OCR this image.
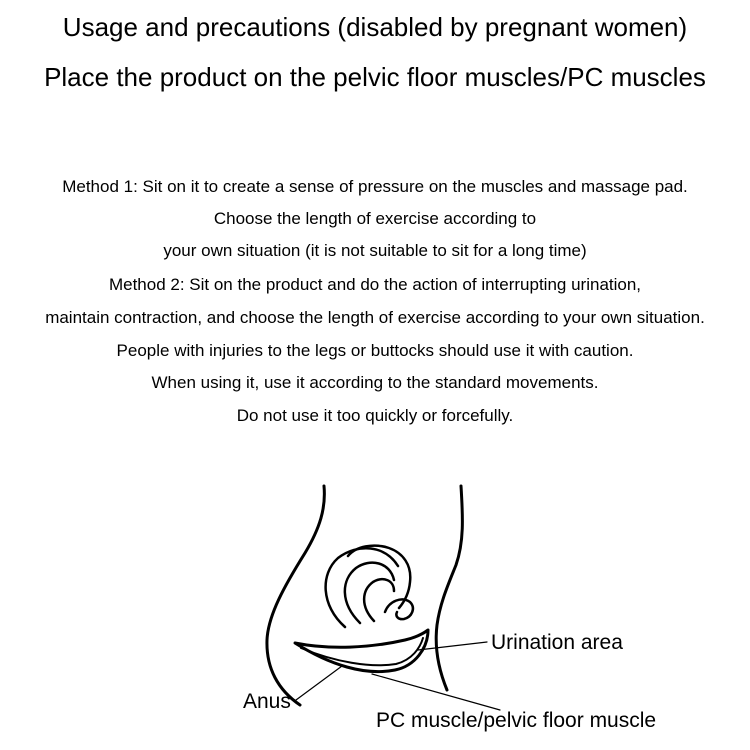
Usage and precautions (disabled by pregnant women)
Place the product on the pelvic floor muscles/PC muscles
Method 1: Sit on it to create a sense of pressure on the muscles and massage pad.
Choose the length of exercise according to
your own situation (it is not suitable to sit for a long time)
Method 2: Sit on the product and do the action of interrupting urination,
maintain contraction, and choose the length of exercise according to your own situation.
People with injuries to the legs or buttocks should use it with caution.
When using it, use it according to the standard movements.
Do not use it too quickly or forcefully.
Urination area
Anus
PC muscle/pelvic floor muscle
